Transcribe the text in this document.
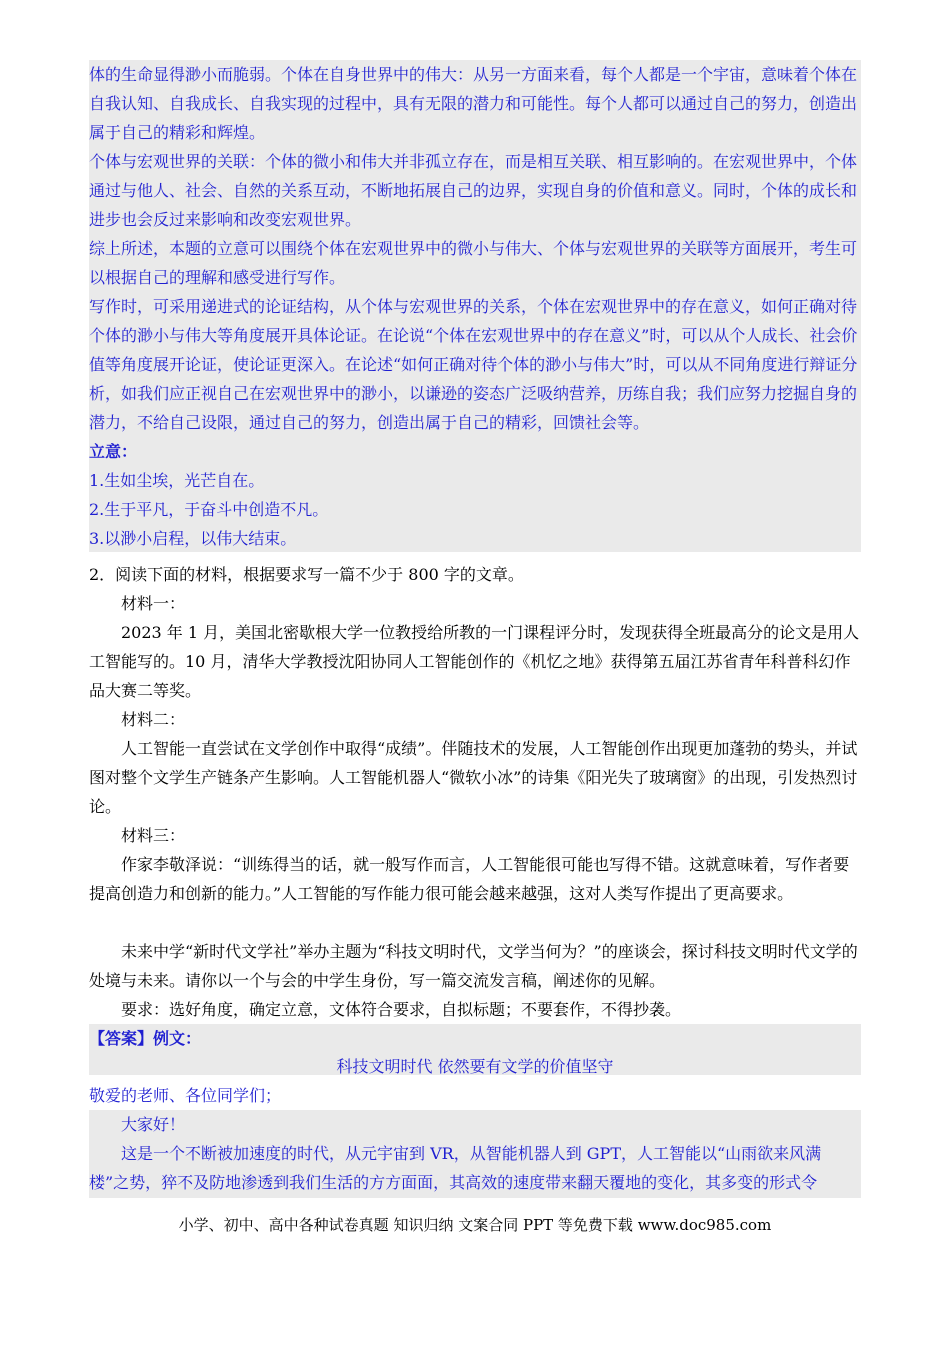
体的生命显得渺小而脆弱。个体在自身世界中的伟大：从另一方面来看，每个人都是一个宇宙，意味着个体在自我认知、自我成长、自我实现的过程中，具有无限的潜力和可能性。每个人都可以通过自己的努力，创造出属于自己的精彩和辉煌。

个体与宏观世界的关联：个体的微小和伟大并非孤立存在，而是相互关联、相互影响的。在宏观世界中，个体通过与他人、社会、自然的关系互动，不断地拓展自己的边界，实现自身的价值和意义。同时，个体的成长和进步也会反过来影响和改变宏观世界。

综上所述，本题的立意可以围绕个体在宏观世界中的微小与伟大、个体与宏观世界的关联等方面展开，考生可以根据自己的理解和感受进行写作。

写作时，可采用递进式的论证结构，从个体与宏观世界的关系，个体在宏观世界中的存在意义，如何正确对待个体的渺小与伟大等角度展开具体论证。在论说“个体在宏观世界中的存在意义”时，可以从个人成长、社会价值等角度展开论证，使论证更深入。在论述“如何正确对待个体的渺小与伟大”时，可以从不同角度进行辩证分析，如我们应正视自己在宏观世界中的渺小，以谦逊的姿态广泛吸纳营养，历练自我；我们应努力挖掘自身的潜力，不给自己设限，通过自己的努力，创造出属于自己的精彩，回馈社会等。

立意：

1.生如尘埃，光芒自在。

2.生于平凡，于奋斗中创造不凡。

3.以渺小启程，以伟大结束。

2．阅读下面的材料，根据要求写一篇不少于 800 字的文章。

材料一：

2023 年 1 月，美国北密歇根大学一位教授给所教的一门课程评分时，发现获得全班最高分的论文是用人工智能写的。10 月，清华大学教授沈阳协同人工智能创作的《机忆之地》获得第五届江苏省青年科普科幻作品大赛二等奖。

材料二：

人工智能一直尝试在文学创作中取得“成绩”。伴随技术的发展，人工智能创作出现更加蓬勃的势头，并试图对整个文学生产链条产生影响。人工智能机器人“微软小冰”的诗集《阳光失了玻璃窗》的出现，引发热烈讨论。

材料三：

作家李敬泽说：“训练得当的话，就一般写作而言，人工智能很可能也写得不错。这就意味着，写作者要提高创造力和创新的能力。”人工智能的写作能力很可能会越来越强，这对人类写作提出了更高要求。

未来中学“新时代文学社”举办主题为“科技文明时代，文学当何为？”的座谈会，探讨科技文明时代文学的处境与未来。请你以一个与会的中学生身份，写一篇交流发言稿，阐述你的见解。

要求：选好角度，确定立意，文体符合要求，自拟标题；不要套作，不得抄袭。

【答案】例文：

科技文明时代 依然要有文学的价值坚守

敬爱的老师、各位同学们；

大家好！

这是一个不断被加速度的时代，从元宇宙到 VR，从智能机器人到 GPT，人工智能以“山雨欲来风满楼”之势，猝不及防地渗透到我们生活的方方面面，其高效的速度带来翻天覆地的变化，其多变的形式令

小学、初中、高中各种试卷真题 知识归纳 文案合同 PPT 等免费下载 www.doc985.com
